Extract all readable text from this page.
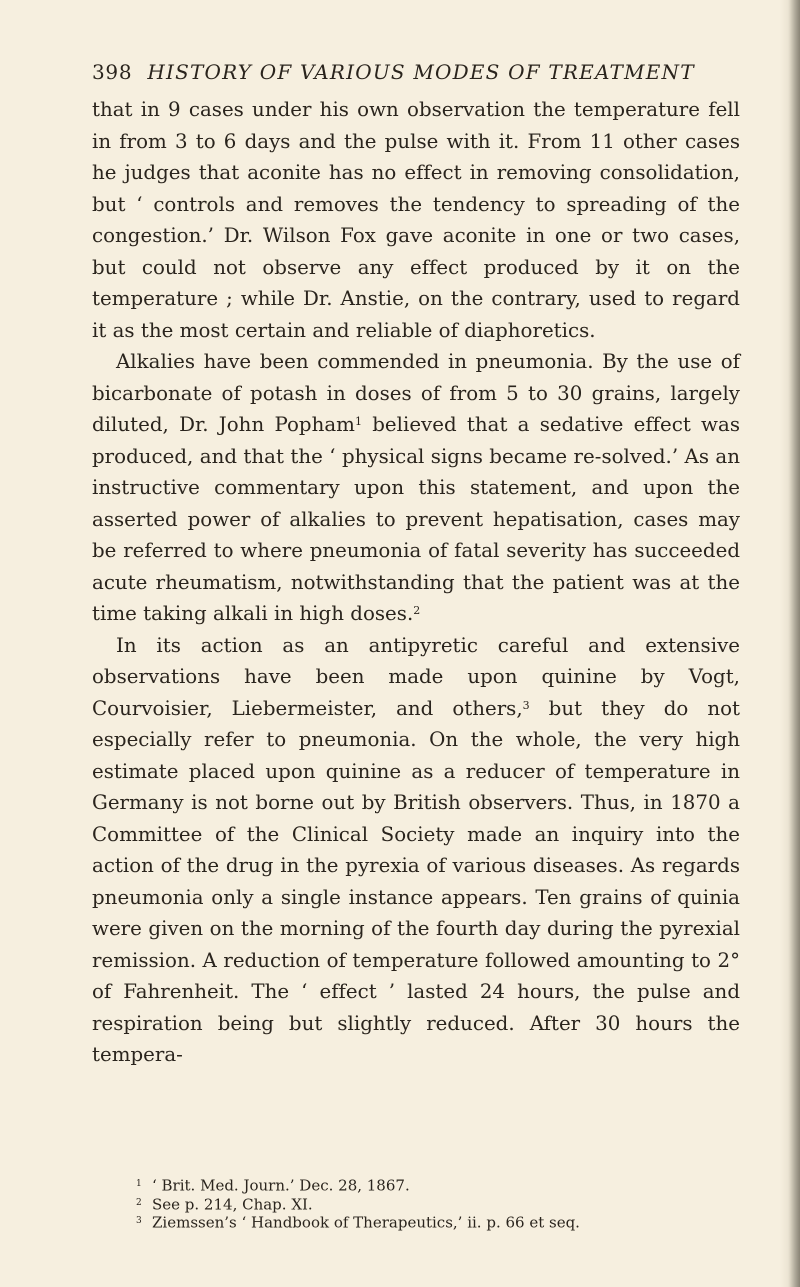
398 HISTORY OF VARIOUS MODES OF TREATMENT

that in 9 cases under his own observation the temperature fell in from 3 to 6 days and the pulse with it. From 11 other cases he judges that aconite has no effect in removing consolidation, but ‘ controls and removes the tendency to spreading of the congestion.’ Dr. Wilson Fox gave aconite in one or two cases, but could not observe any effect produced by it on the temperature ; while Dr. Anstie, on the contrary, used to regard it as the most certain and reliable of diaphoretics.

Alkalies have been commended in pneumonia. By the use of bicarbonate of potash in doses of from 5 to 30 grains, largely diluted, Dr. John Popham$^1$ believed that a sedative effect was produced, and that the ‘ physical signs became re-solved.’ As an instructive commentary upon this statement, and upon the asserted power of alkalies to prevent hepatisation, cases may be referred to where pneumonia of fatal severity has succeeded acute rheumatism, notwithstanding that the patient was at the time taking alkali in high doses.$^2$

In its action as an antipyretic careful and extensive observations have been made upon quinine by Vogt, Courvoisier, Liebermeister, and others,$^3$ but they do not especially refer to pneumonia. On the whole, the very high estimate placed upon quinine as a reducer of temperature in Germany is not borne out by British observers. Thus, in 1870 a Committee of the Clinical Society made an inquiry into the action of the drug in the pyrexia of various diseases. As regards pneumonia only a single instance appears. Ten grains of quinia were given on the morning of the fourth day during the pyrexial remission. A reduction of temperature followed amounting to 2° of Fahrenheit. The ‘ effect ’ lasted 24 hours, the pulse and respiration being but slightly reduced. After 30 hours the tempera-

1 ‘ Brit. Med. Journ.’ Dec. 28, 1867.
2 See p. 214, Chap. XI.
3 Ziemssen’s ‘ Handbook of Therapeutics,’ ii. p. 66 et seq.
